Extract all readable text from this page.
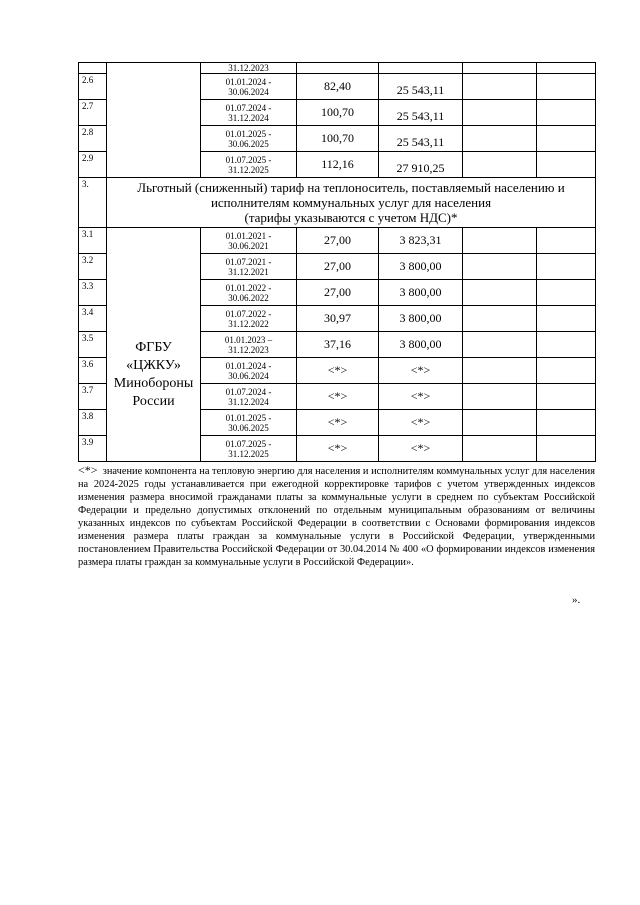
		31.12.2023				

2.6		01.01.2024 -
30.06.2024	82,40	25 543,11		
2.7		01.07.2024 -
31.12.2024	100,70	25 543,11		
2.8		01.01.2025 -
30.06.2025	100,70	25 543,11		
2.9		01.07.2025 -
31.12.2025	112,16	27 910,25		
3.	Льготный (сниженный) тариф на теплоноситель, поставляемый населению и
исполнителям коммунальных услуг для населения
(тарифы указываются с учетом НДС)*					

3.1	ФГБУ
«ЦЖКУ»
Минобороны
России	01.01.2021 -
30.06.2021	27,00	3 823,31		
3.2		01.07.2021 -
31.12.2021	27,00	3 800,00		
3.3		01.01.2022 -
30.06.2022	27,00	3 800,00		
3.4		01.07.2022 -
31.12.2022	30,97	3 800,00		
3.5		01.01.2023 –
31.12.2023	37,16	3 800,00		
3.6		01.01.2024 -
30.06.2024	<*>	<*>		
3.7		01.07.2024 -
31.12.2024	<*>	<*>		
3.8		01.01.2025 -
30.06.2025	<*>	<*>		
3.9		01.07.2025 -
31.12.2025	<*>	<*>		
<*> значение компонента на тепловую энергию для населения и исполнителям коммунальных услуг для населения на 2024-2025 годы устанавливается при ежегодной корректировке тарифов с учетом утвержденных индексов изменения размера вносимой гражданами платы за коммунальные услуги в среднем по субъектам Российской Федерации и предельно допустимых отклонений по отдельным муниципальным образованиям от величины указанных индексов по субъектам Российской Федерации в соответствии с Основами формирования индексов изменения размера платы граждан за коммунальные услуги в Российской Федерации, утвержденными постановлением Правительства Российской Федерации от 30.04.2014 № 400 «О формировании индексов изменения размера платы граждан за коммунальные услуги в Российской Федерации».
».
